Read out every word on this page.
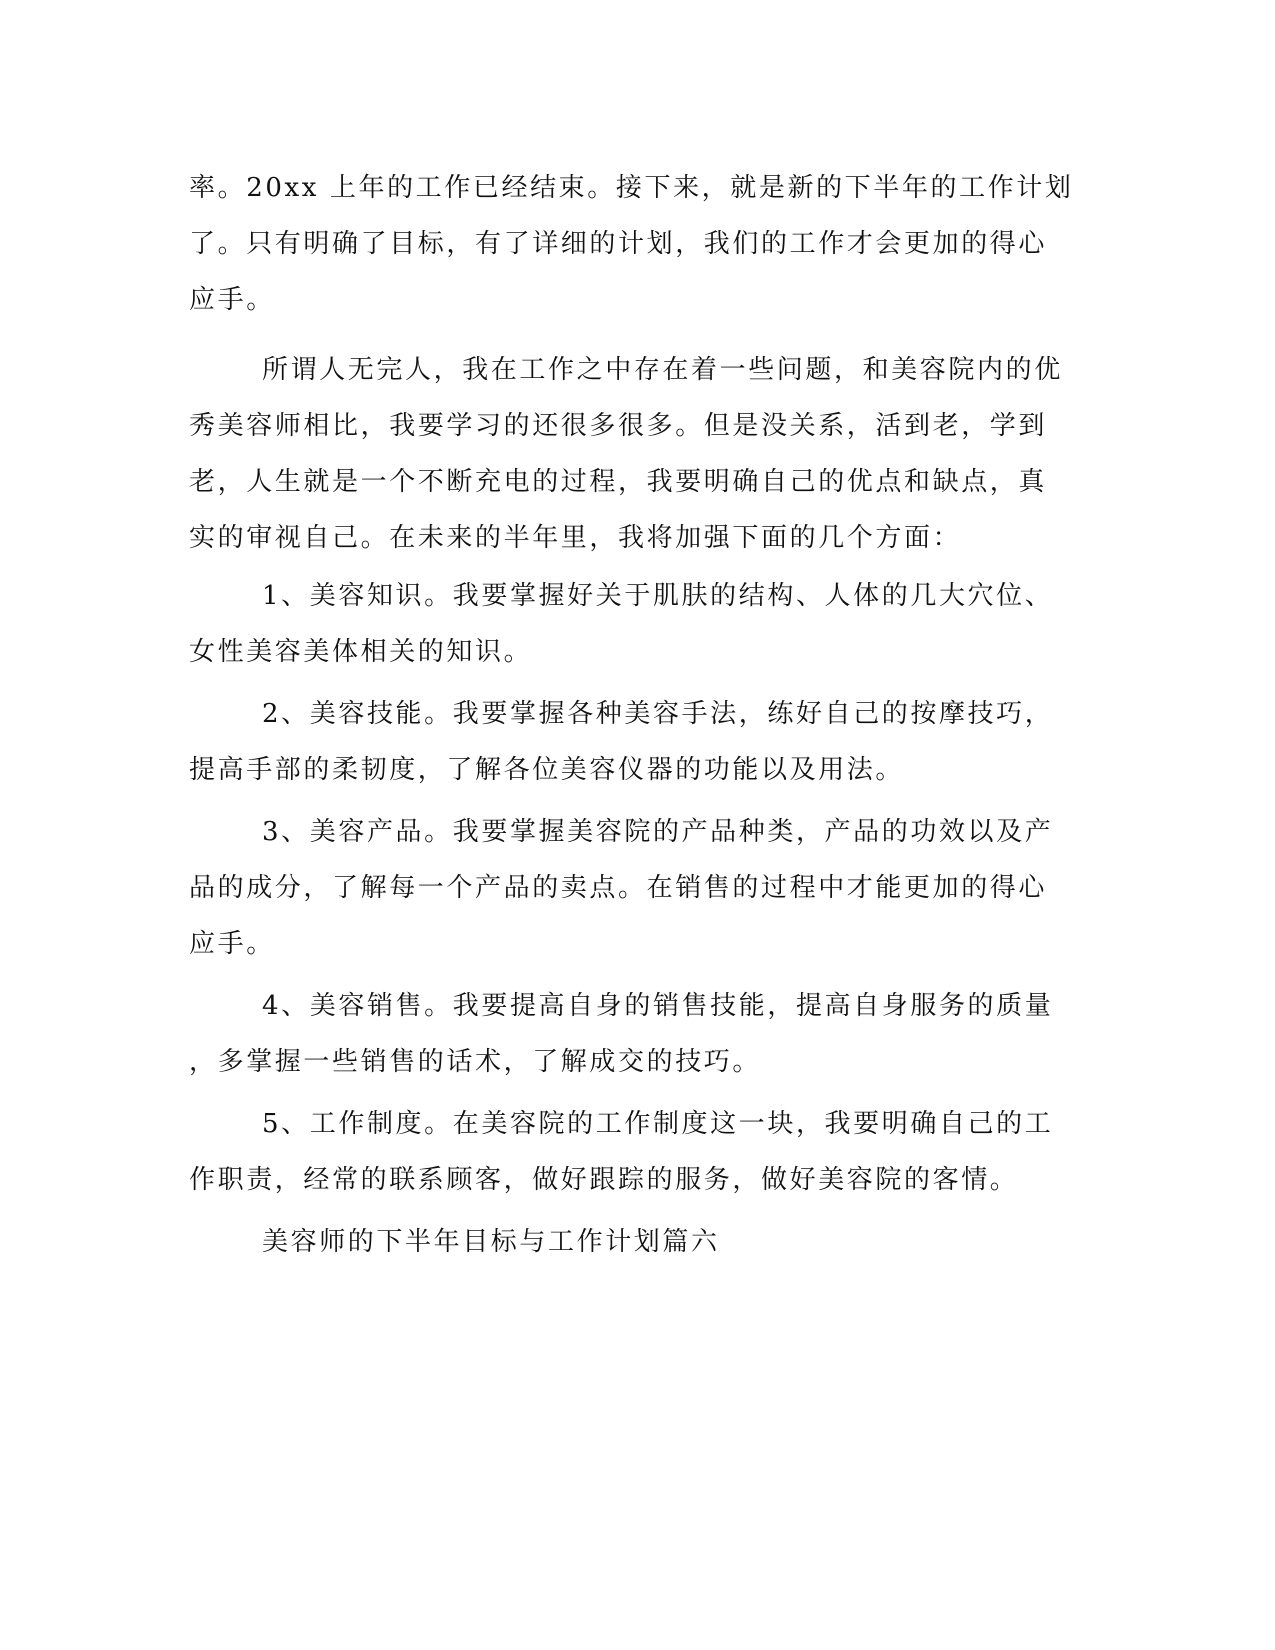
率。20xx 上年的工作已经结束。接下来，就是新的下半年的工作计划
了。只有明确了目标，有了详细的计划，我们的工作才会更加的得心
应手。
所谓人无完人，我在工作之中存在着一些问题，和美容院内的优
秀美容师相比，我要学习的还很多很多。但是没关系，活到老，学到
老，人生就是一个不断充电的过程，我要明确自己的优点和缺点，真
实的审视自己。在未来的半年里，我将加强下面的几个方面：
1、美容知识。我要掌握好关于肌肤的结构、人体的几大穴位、
女性美容美体相关的知识。
2、美容技能。我要掌握各种美容手法，练好自己的按摩技巧，
提高手部的柔韧度，了解各位美容仪器的功能以及用法。
3、美容产品。我要掌握美容院的产品种类，产品的功效以及产
品的成分，了解每一个产品的卖点。在销售的过程中才能更加的得心
应手。
4、美容销售。我要提高自身的销售技能，提高自身服务的质量
，多掌握一些销售的话术，了解成交的技巧。
5、工作制度。在美容院的工作制度这一块，我要明确自己的工
作职责，经常的联系顾客，做好跟踪的服务，做好美容院的客情。
美容师的下半年目标与工作计划篇六
